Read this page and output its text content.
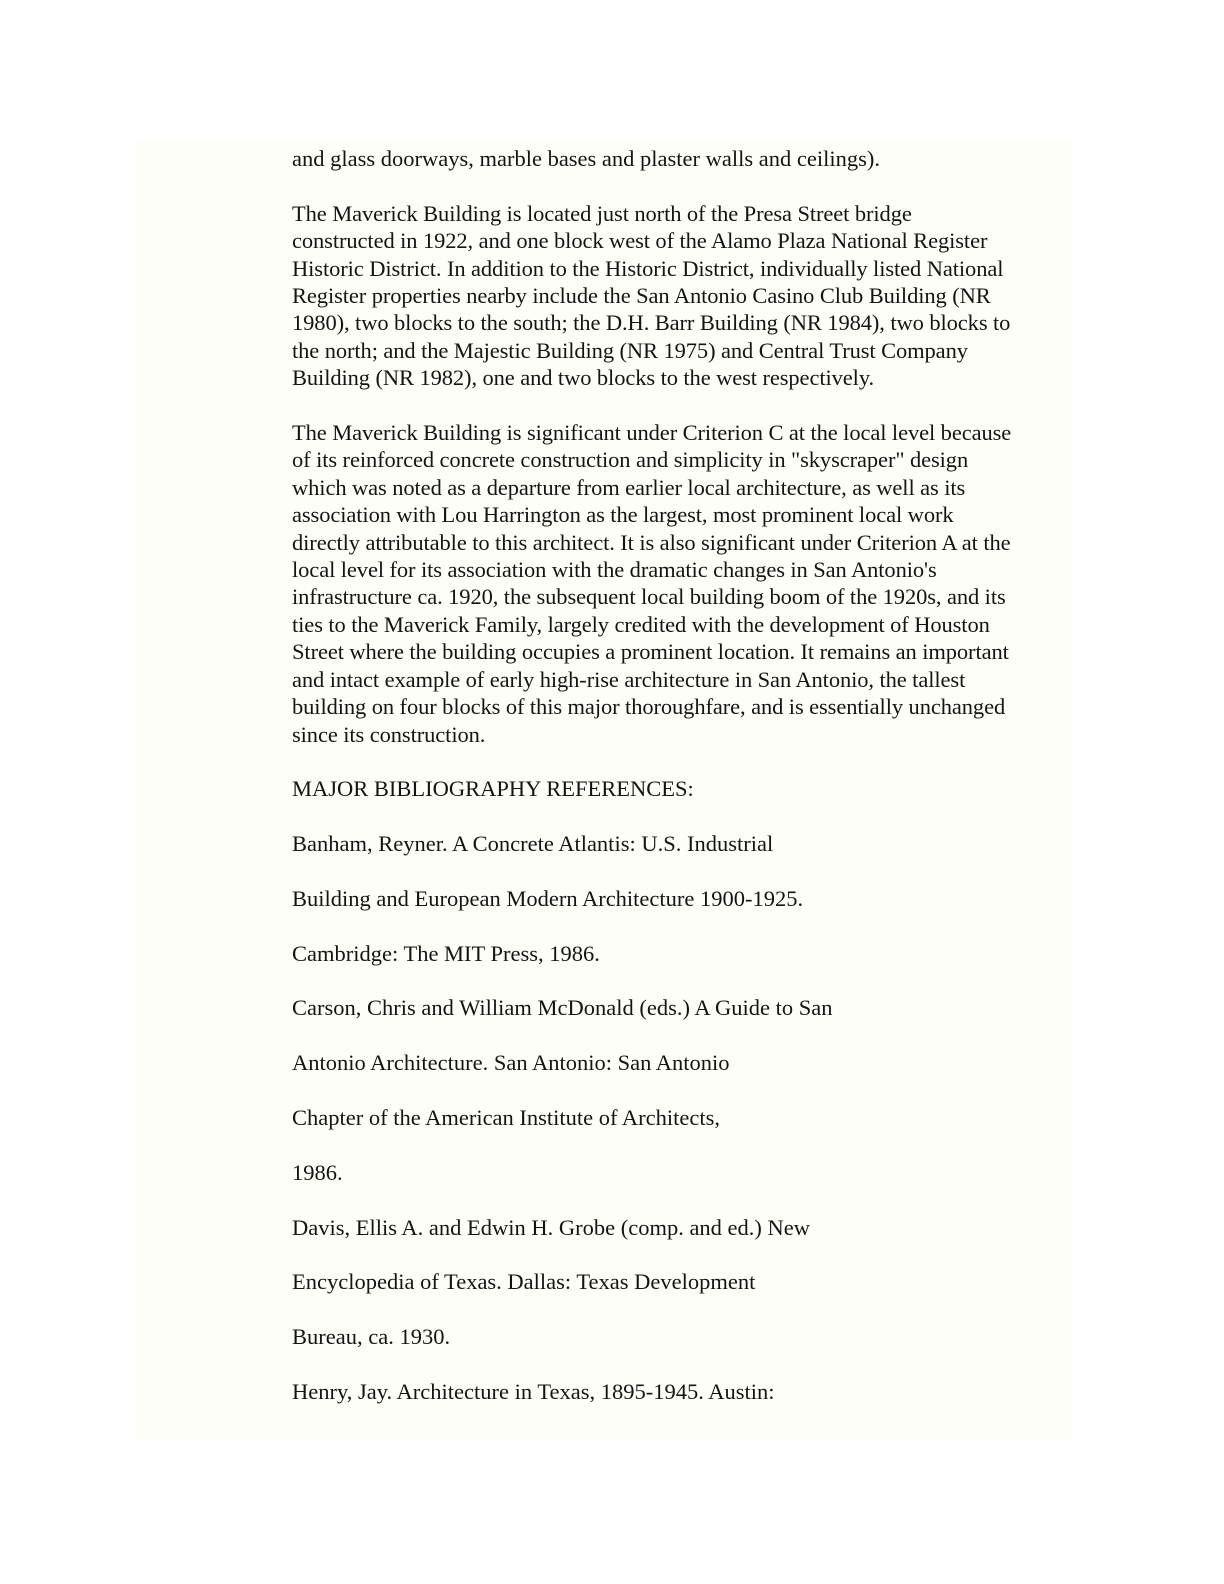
and glass doorways, marble bases and plaster walls and ceilings).

The Maverick Building is located just north of the Presa Street bridge
constructed in 1922, and one block west of the Alamo Plaza National Register
Historic District. In addition to the Historic District, individually listed National
Register properties nearby include the San Antonio Casino Club Building (NR
1980), two blocks to the south; the D.H. Barr Building (NR 1984), two blocks to
the north; and the Majestic Building (NR 1975) and Central Trust Company
Building (NR 1982), one and two blocks to the west respectively.

The Maverick Building is significant under Criterion C at the local level because
of its reinforced concrete construction and simplicity in "skyscraper" design
which was noted as a departure from earlier local architecture, as well as its
association with Lou Harrington as the largest, most prominent local work
directly attributable to this architect. It is also significant under Criterion A at the
local level for its association with the dramatic changes in San Antonio's
infrastructure ca. 1920, the subsequent local building boom of the 1920s, and its
ties to the Maverick Family, largely credited with the development of Houston
Street where the building occupies a prominent location. It remains an important
and intact example of early high-rise architecture in San Antonio, the tallest
building on four blocks of this major thoroughfare, and is essentially unchanged
since its construction.

MAJOR BIBLIOGRAPHY REFERENCES:

Banham, Reyner. A Concrete Atlantis: U.S. Industrial

Building and European Modern Architecture 1900-1925.

Cambridge: The MIT Press, 1986.

Carson, Chris and William McDonald (eds.) A Guide to San

Antonio Architecture. San Antonio: San Antonio

Chapter of the American Institute of Architects,

1986.

Davis, Ellis A. and Edwin H. Grobe (comp. and ed.) New

Encyclopedia of Texas. Dallas: Texas Development

Bureau, ca. 1930.

Henry, Jay. Architecture in Texas, 1895-1945. Austin:
